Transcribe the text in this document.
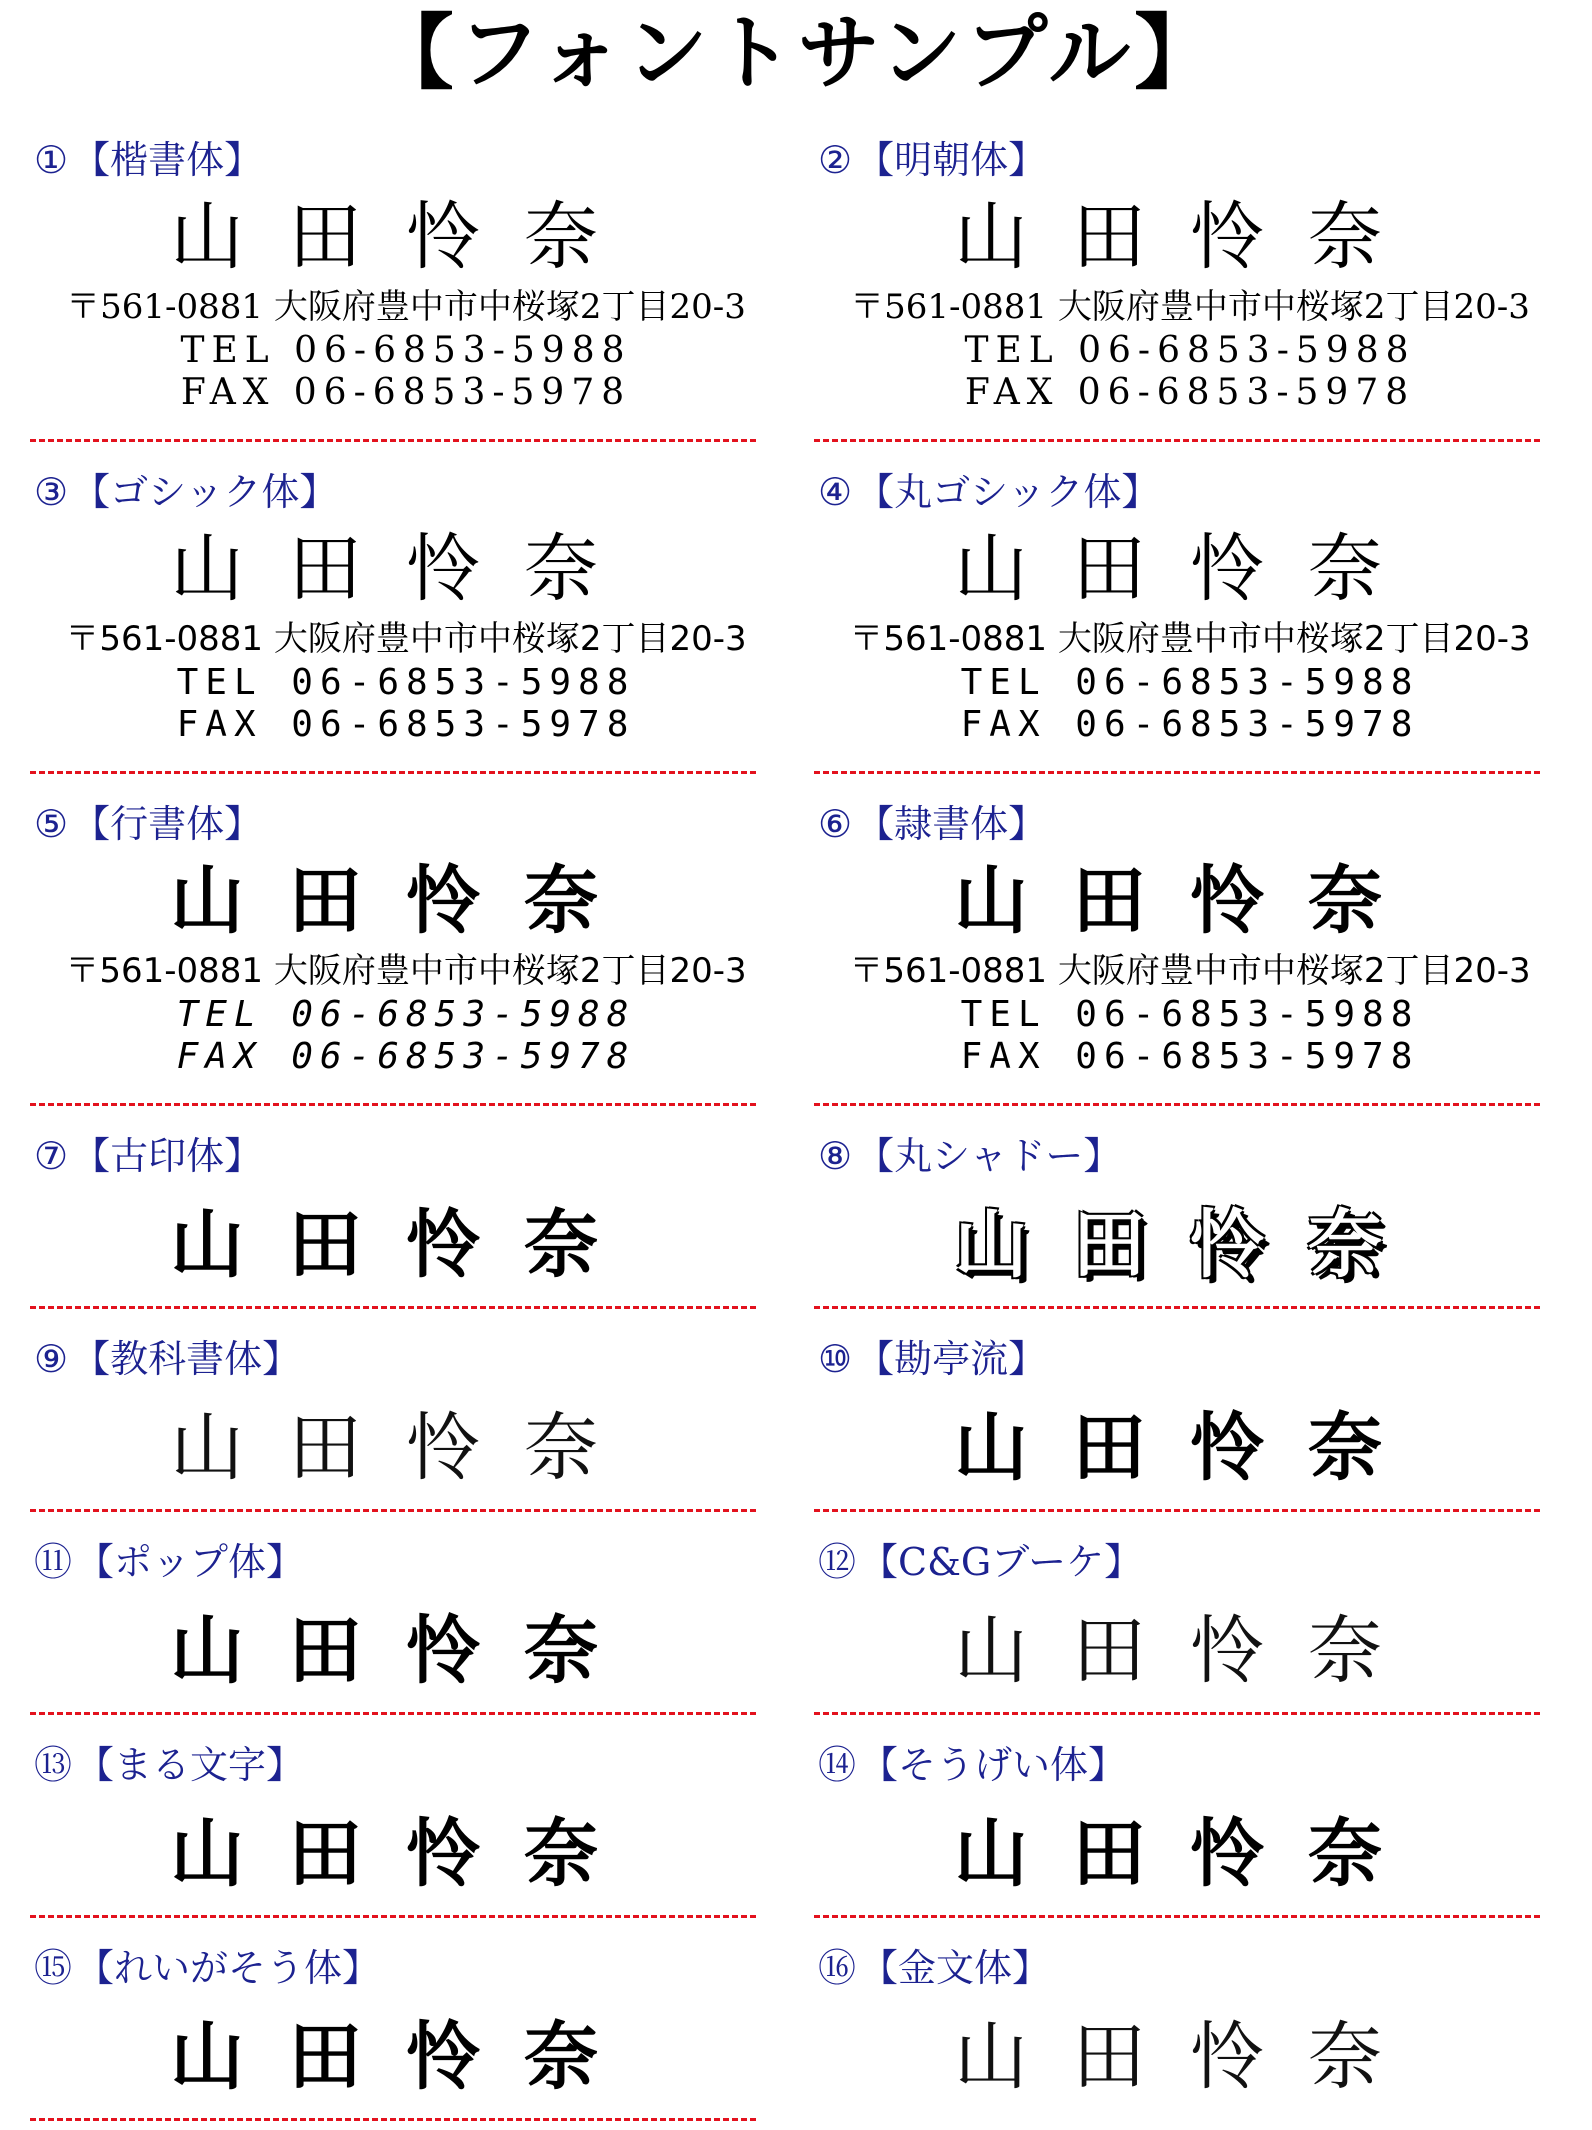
【フォントサンプル】
① 【楷書体】
山田怜奈
〒561-0881 大阪府豊中市中桜塚2丁目20-3
TEL 06-6853-5988
FAX 06-6853-5978
② 【明朝体】
山田怜奈
〒561-0881 大阪府豊中市中桜塚2丁目20-3
TEL 06-6853-5988
FAX 06-6853-5978
③ 【ゴシック体】
山田怜奈
〒561-0881 大阪府豊中市中桜塚2丁目20-3
TEL 06-6853-5988
FAX 06-6853-5978
④ 【丸ゴシック体】
山田怜奈
〒561-0881 大阪府豊中市中桜塚2丁目20-3
TEL 06-6853-5988
FAX 06-6853-5978
⑤ 【行書体】
山田怜奈
〒561-0881 大阪府豊中市中桜塚2丁目20-3
TEL 06-6853-5988
FAX 06-6853-5978
⑥ 【隷書体】
山田怜奈
〒561-0881 大阪府豊中市中桜塚2丁目20-3
TEL 06-6853-5988
FAX 06-6853-5978
⑦ 【古印体】
山田怜奈
⑧ 【丸シャドー】
山田怜奈
⑨ 【教科書体】
山田怜奈
⑩ 【勘亭流】
山田怜奈
⑪ 【ポップ体】
山田怜奈
⑫ 【C&Gブーケ】
山田怜奈
⑬ 【まる文字】
山田怜奈
⑭ 【そうげい体】
山田怜奈
⑮ 【れいがそう体】
山田怜奈
⑯ 【金文体】
山田怜奈
